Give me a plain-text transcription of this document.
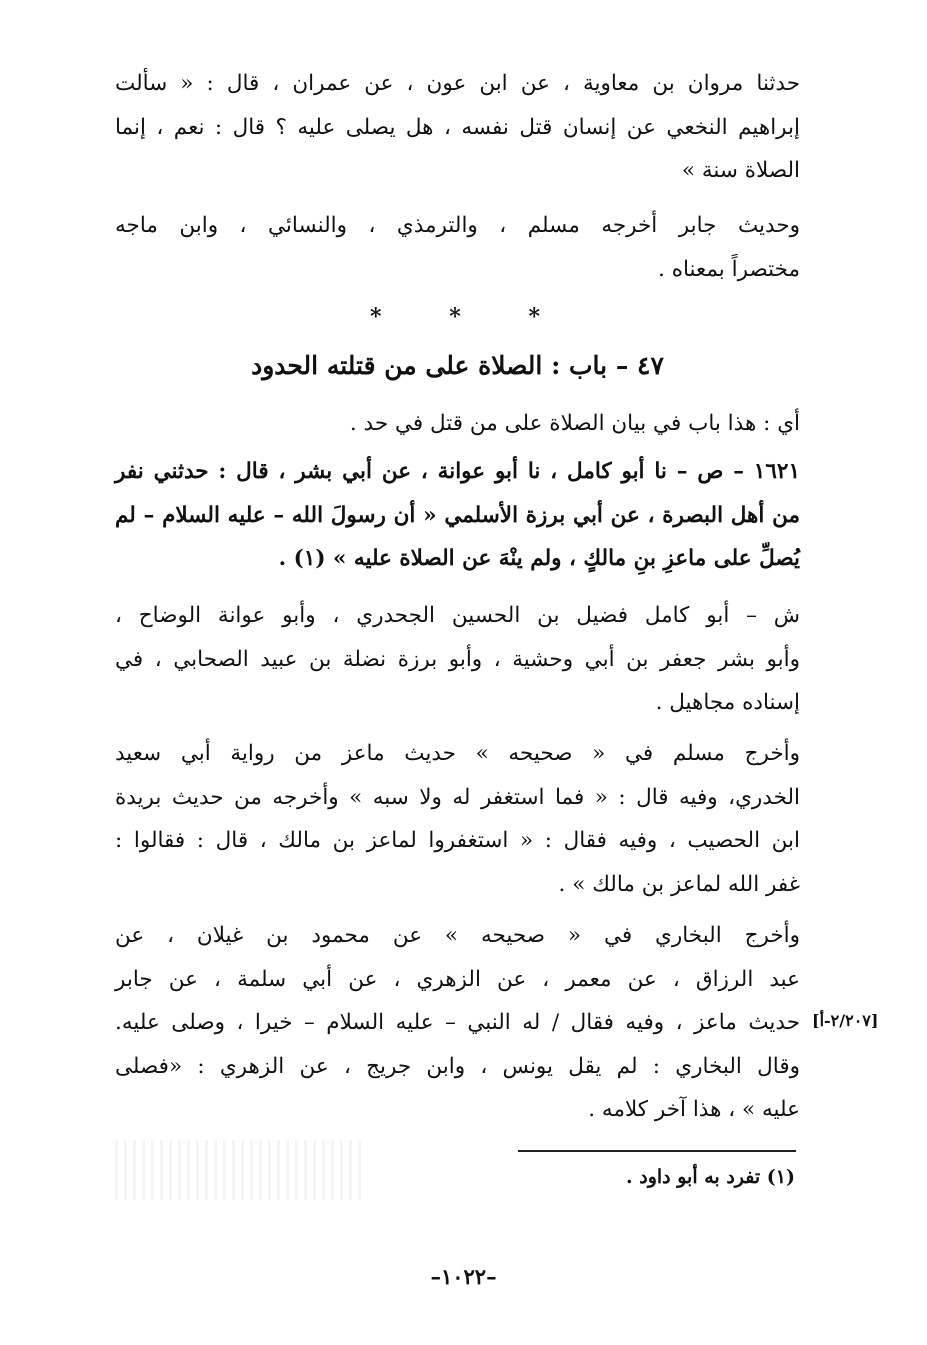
حدثنا مروان بن معاوية ، عن ابن عون ، عن عمران ، قال : « سألت
إبراهيم النخعي عن إنسان قتل نفسه ، هل يصلى عليه ؟ قال : نعم ، إنما
الصلاة سنة »
وحديث جابر أخرجه مسلم ، والترمذي ، والنسائي ، وابن ماجه
مختصراً بمعناه .
*	*	*
٤٧ – باب : الصلاة على من قتلته الحدود
أي : هذا باب في بيان الصلاة على من قتل في حد .
١٦٢١ – ص – نا أبو كامل ، نا أبو عوانة ، عن أبي بشر ، قال : حدثني نفر
من أهل البصرة ، عن أبي برزة الأسلمي « أن رسولَ الله – عليه السلام – لم
يُصلِّ على ماعزِ بنِ مالكٍ ، ولم ينْهَ عن الصلاة عليه » (١) .
ش – أبو كامل فضيل بن الحسين الجحدري ، وأبو عوانة الوضاح ،
وأبو بشر جعفر بن أبي وحشية ، وأبو برزة نضلة بن عبيد الصحابي ، في
إسناده مجاهيل .
وأخرج مسلم في « صحيحه » حديث ماعز من رواية أبي سعيد
الخدري، وفيه قال : « فما استغفر له ولا سبه » وأخرجه من حديث بريدة
ابن الحصيب ، وفيه فقال : « استغفروا لماعز بن مالك ، قال : فقالوا :
غفر الله لماعز بن مالك » .
وأخرج البخاري في « صحيحه » عن محمود بن غيلان ، عن
عبد الرزاق ، عن معمر ، عن الزهري ، عن أبي سلمة ، عن جابر
حديث ماعز ، وفيه فقال / له النبي – عليه السلام – خيرا ، وصلى عليه.
وقال البخاري : لم يقل يونس ، وابن جريج ، عن الزهري : «فصلى
عليه » ، هذا آخر كلامه .
[٢/٢٠٧-أ]
(١) تفرد به أبو داود .
–١٠٢٢–
